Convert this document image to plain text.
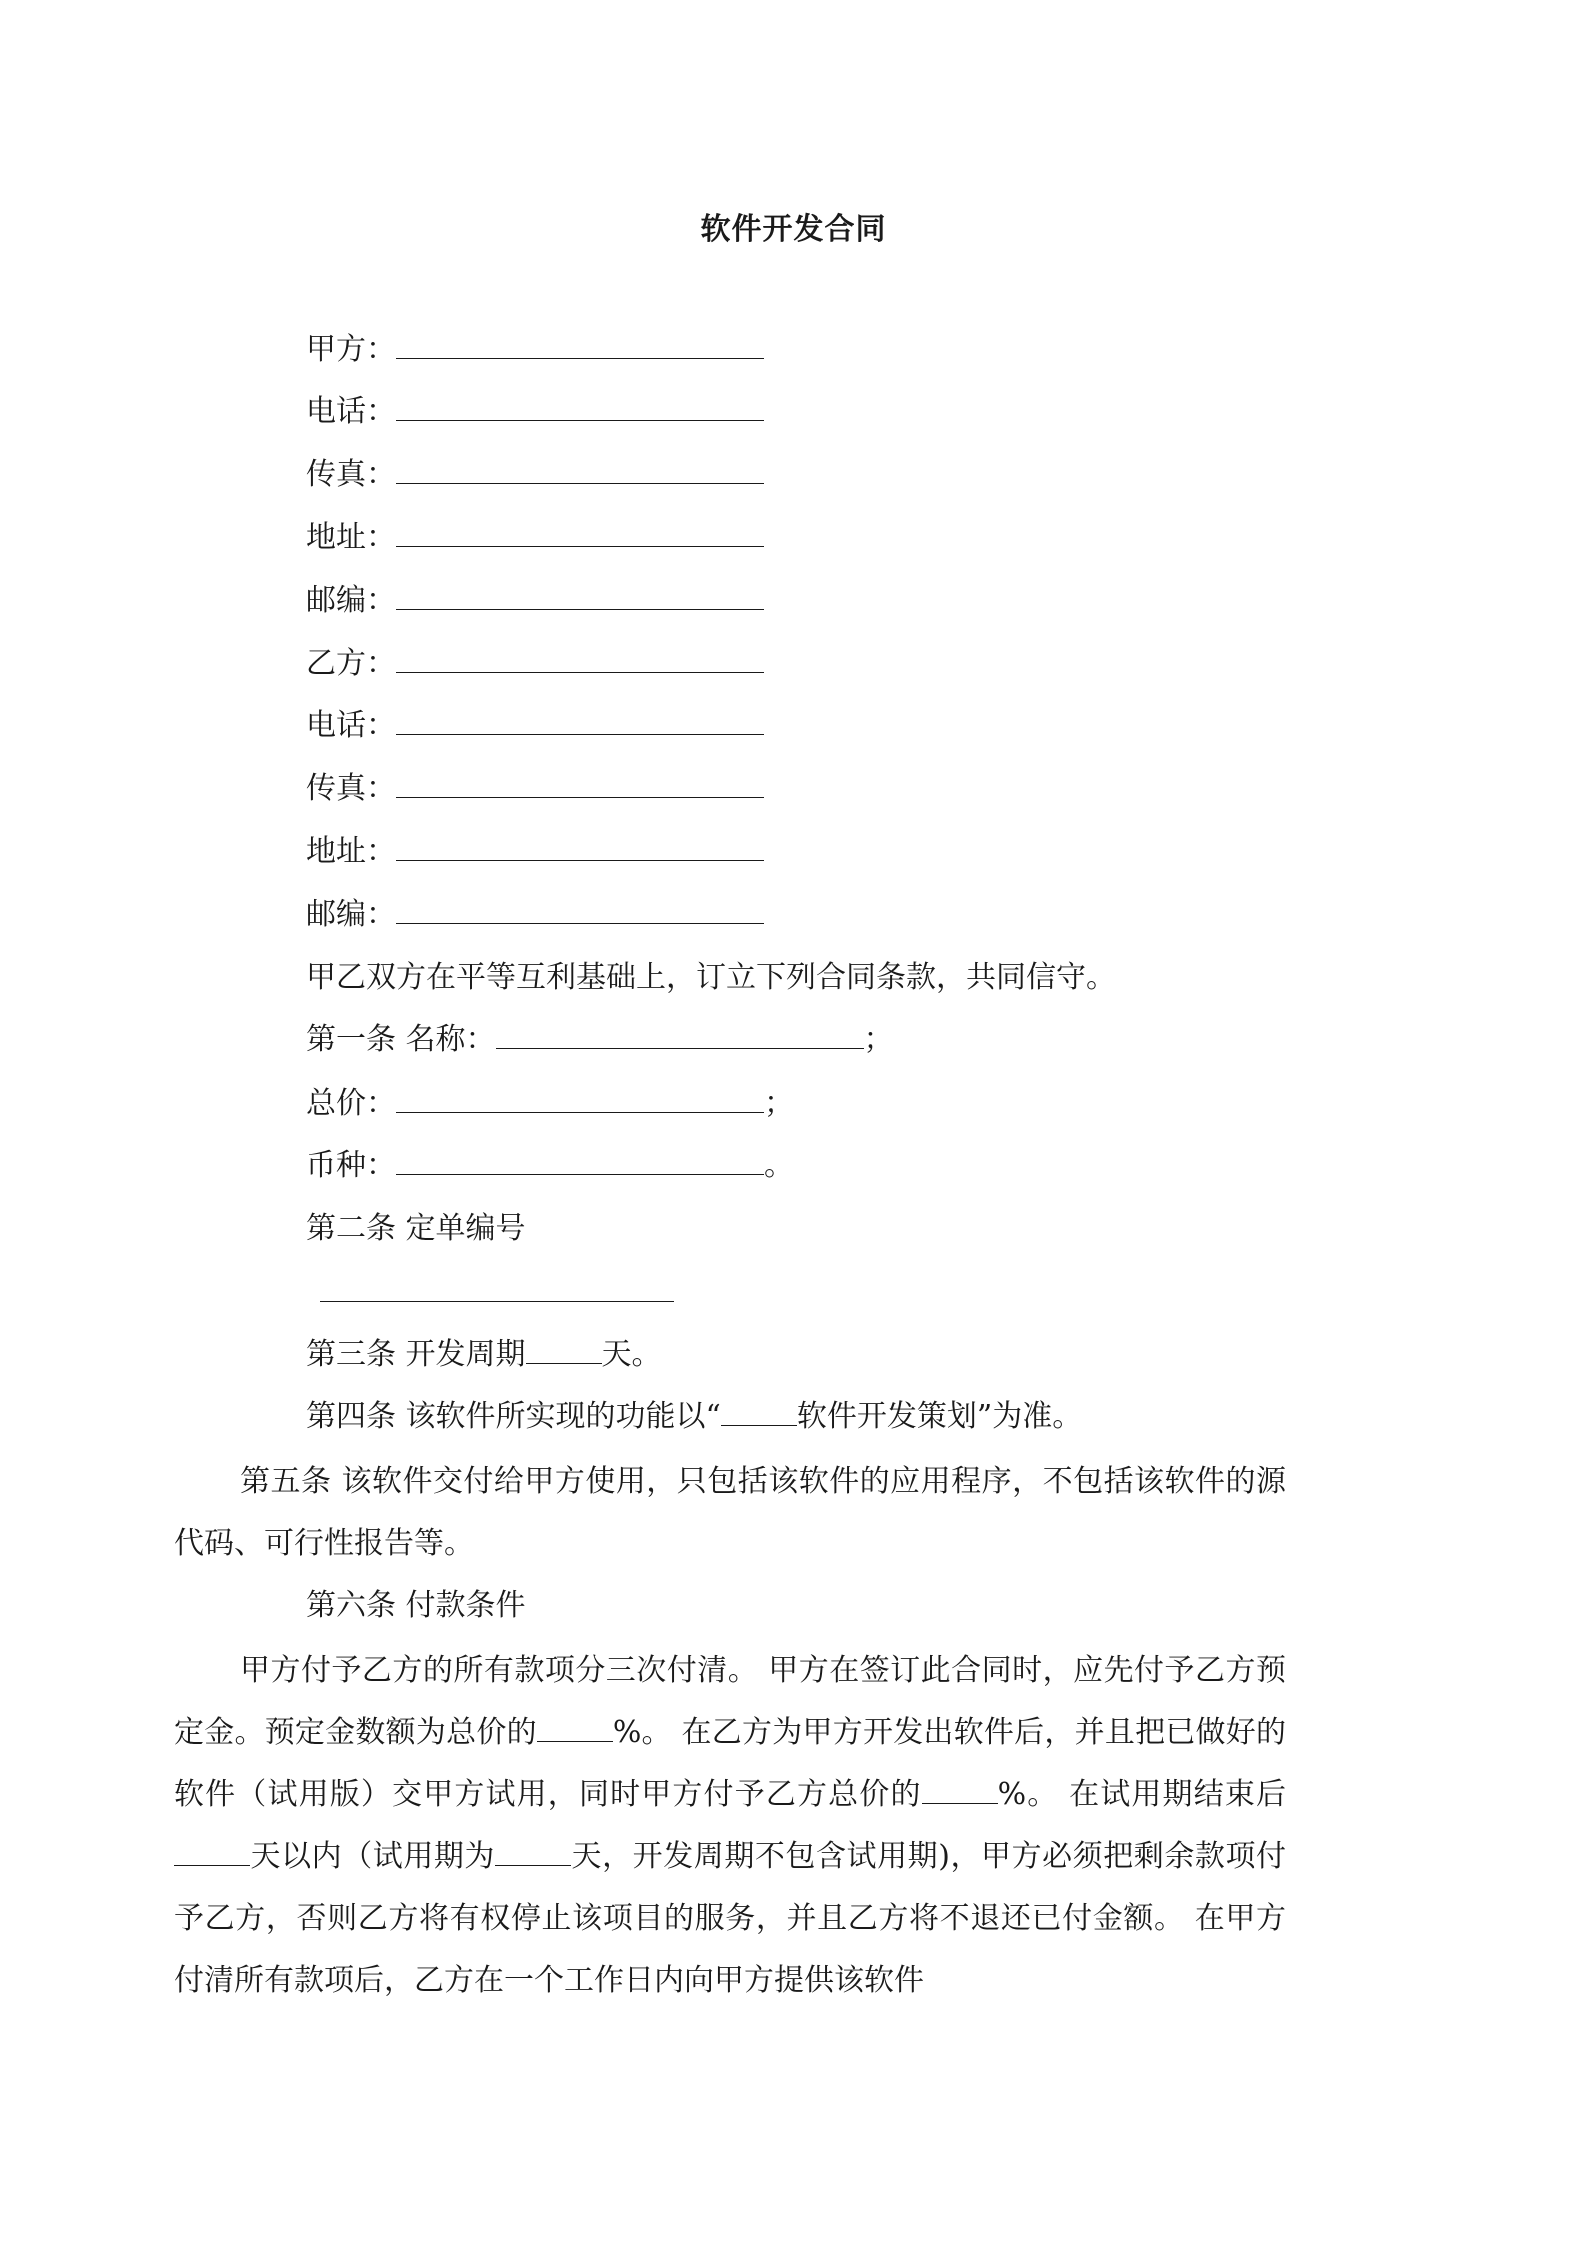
软件开发合同
甲方：
电话：
传真：
地址：
邮编：
乙方：
电话：
传真：
地址：
邮编：
甲乙双方在平等互利基础上，订立下列合同条款，共同信守。
第一条 名称：	；
总价：	；
币种：	。
第二条 定单编号
第三条 开发周期	天。
第四条 该软件所实现的功能以“	软件开发策划”为准。
第五条 该软件交付给甲方使用，只包括该软件的应用程序，不包括该软件的源代码、可行性报告等。
第六条 付款条件
甲方付予乙方的所有款项分三次付清。 甲方在签订此合同时，应先付予乙方预定金。预定金数额为总价的	%。 在乙方为甲方开发出软件后，并且把已做好的软件（试用版）交甲方试用，同时甲方付予乙方总价的	%。 在试用期结束后天以内（试用期为	天，开发周期不包含试用期)，甲方必须把剩余款项付予乙方，否则乙方将有权停止该项目的服务，并且乙方将不退还已付金额。 在甲方付清所有款项后，乙方在一个工作日内向甲方提供该软件
